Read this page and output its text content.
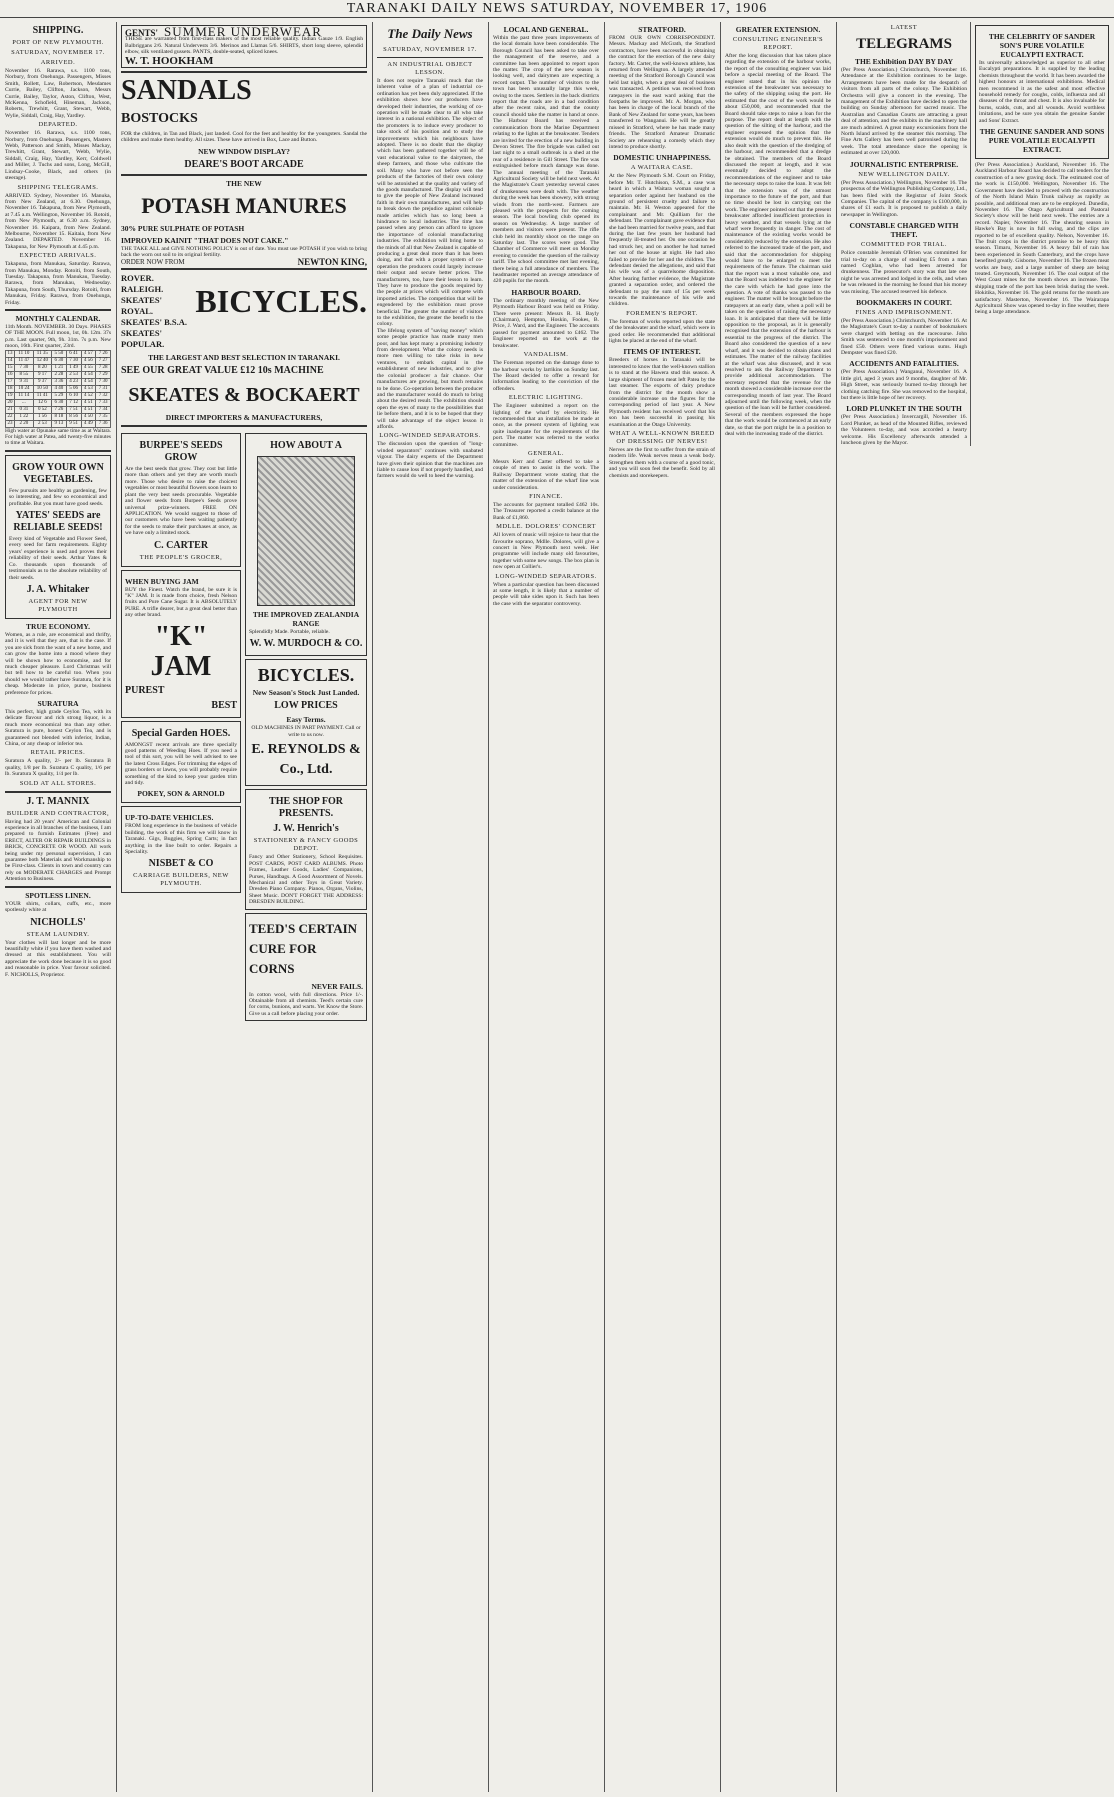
TARANAKI DAILY NEWS SATURDAY, NOVEMBER 17, 1906
SHIPPING.
PORT OF NEW PLYMOUTH.
SATURDAY, NOVEMBER 17.
ARRIVED.
November 16. Rarawa, s.s. 1100 tons, Norbury, from Onehunga. Passengers, Misses Smith, Rollett, Law, Robertson, Mesdames Currie, Bailey, Clifton, Jackson, Messrs Currie, Bailey, Taylor, Aston, Clifton, West, McKenna, Schofield, Hineman, Jackson, Roberts, Trewhitt, Grant, Stewart, Webb, Wylie, Siddall, Craig, Hay, Yardley.
DEPARTED.
November 16. Rarawa, s.s. 1100 tons, Norbury, from Onehunga. Passengers, Masters Webb, Patterson and Smith, Misses Mackay, Trewhitt, Grant, Stewart, Webb, Wylie, Siddall, Craig, Hay, Yardley, Kerr, Coldwell and Miller, J. Tuchs and sons, Long, McGill, Lindsay-Cooke, Black, and others (in steerage).
SHIPPING TELEGRAMS.
ARRIVED. Sydney, November 16. Manuka, from New Zealand, at 6.30. Onehunga, November 16. Takapuna, from New Plymouth, at 7.45 a.m. Wellington, November 16. Rotoiti, from New Plymouth, at 6.30 a.m. Sydney, November 16. Kaipara, from New Zealand. Melbourne, November 15. Kaitaia, from New Zealand. DEPARTED. November 16. Takapuna, for New Plymouth at 4.45 p.m.
EXPECTED ARRIVALS.
Takapuna, from Manukau, Saturday. Rarawa, from Manukau, Monday. Rotoiti, from South, Tuesday. Takapuna, from Manukau, Tuesday. Rarawa, from Manukau, Wednesday. Takapuna, from South, Thursday. Rotoiti, from Manukau, Friday. Rarawa, from Onehunga, Friday.
MONTHLY CALENDAR.
11th Month. NOVEMBER. 30 Days. PHASES OF THE MOON. Full moon, 1st, 0h. 12m. 37s p.m. Last quarter, 9th, 9h. 31m. 7s p.m. New moon, 16th. First quarter, 23rd.
13	11 10	11 35	5 50	6 41	4 57	7 26
14	11 47	12 40	6 30	7 30	4 56	7 27
15	7 30	8 20	1 21	1 49	4 55	7 28
16	8 55	9 17	2 28	2 53	4 54	7 29
17	9 31	9 37	3 36	4 23	4 54	7 30
18	10 24	10 50	4 40	5 06	4 53	7 31
19	11 14	11 41	5 29	6 10	4 52	7 32
20	...	12 6	6 30	7 12	4 51	7 33
21	0 31	0 52	7 26	7 51	4 51	7 34
22	1 22	1 56	8 18	8 56	4 50	7 35
23	2 20	2 53	9 13	9 51	4 49	7 36
High water at Opunake same time as at Waitara. For high water at Patea, add twenty-five minutes to time at Waitara.
GROW YOUR OWN VEGETABLES.
Few pursuits are healthy as gardening, few so interesting, and few so economical and profitable. But you must have good seeds.
YATES' SEEDS are RELIABLE SEEDS!
Every kind of Vegetable and Flower Seed, every seed for farm requirements. Eighty years' experience is used and proves their reliability of their seeds. Arthur Yates & Co. thousands upon thousands of testimonials as to the absolute reliability of their seeds.
J. A. Whitaker
AGENT FOR NEW PLYMOUTH
TRUE ECONOMY.
Women, as a rule, are economical and thrifty, and it is well that they are, that is the case. If you are sick from the want of a new home, and can grow the home into a mood where they will be shown how to economise, and for much cheaper pleasure. Lord Christmas will but tell how to be careful too. When you should we would rather have Suratura, for it is cheap. Moderate in price, purse, business preference for prices.
SURATURA
This perfect, high grade Ceylon Tea, with its delicate flavour and rich strong liquor, is a much more economical tea than any other. Suratura is pure, honest Ceylon Tea, and is guaranteed not blended with inferior, Indian, China, or any cheap or inferior tea.
RETAIL PRICES.
Suratura A quality, 2/- per lb. Suratura B quality, 1/8 per lb. Suratura C quality, 1/6 per lb. Suratura X quality, 1/4 per lb.
SOLD AT ALL STORES.
J. T. MANNIX
BUILDER AND CONTRACTOR,
Having had 20 years' American and Colonial experience in all branches of the business, I am prepared to furnish Estimates (Free) and ERECT, ALTER OR REPAIR BUILDINGS in BRICK, CONCRETE OR WOOD. All work being under my personal supervision, I can guarantee both Materials and Workmanship to be First-class. Clients in town and country can rely on MODERATE CHARGES and Prompt Attention to Business.
SPOTLESS LINEN.
YOUR shirts, collars, cuffs, etc., more spotlessly white at
NICHOLLS'
STEAM LAUNDRY.
Your clothes will last longer and be more beautifully white if you have them washed and dressed at this establishment. You will appreciate the work done because it is so good and reasonable in price. Your favour solicited. F. NICHOLLS, Proprietor.
GENTS' SUMMER UNDERWEAR
THESE are warranted from first-class makers of the most reliable quality. Indian Gauze 1/9. English Balbriggans 2/6. Natural Undervests 3/6. Merinos and Llamas 5/6. SHIRTS, short long sleeve, splendid elbow, silk ventilated gussets. PANTS, double-seated, spliced knees.
W. T. HOOKHAM
SANDALS
BOSTOCKS
FOR the children, in Tan and Black, just landed. Cool for the feet and healthy for the youngsters. Sandal the children and make them healthy. All sizes. These have arrived in Box, Lace and Button.
NEW WINDOW DISPLAY?
DEARE'S BOOT ARCADE
THE NEW
POTASH MANURES
30% PURE SULPHATE OF POTASH
IMPROVED KAINIT "THAT DOES NOT CAKE."
THE TAKE ALL and GIVE NOTHING POLICY is out of date. You must use POTASH if you wish to bring back the worn out soil to its original fertility.
ORDER NOW FROM	NEWTON KING,
ROVER.
RALEIGH.
SKEATES' ROYAL.
SKEATES' B.S.A.
SKEATES' POPULAR.
BICYCLES.
THE LARGEST AND BEST SELECTION IN TARANAKI.
SEE OUR GREAT VALUE £12 10s MACHINE
SKEATES & BOCKAERT
DIRECT IMPORTERS & MANUFACTURERS,
BURPEE'S SEEDS GROW
Are the best seeds that grow. They cost but little more than others and yet they are worth much more. Those who desire to raise the choicest vegetables or most beautiful flowers soon learn to plant the very best seeds procurable. Vegetable and flower seeds from Burpee's Seeds prove universal prize-winners. FREE ON APPLICATION. We would suggest to those of our customers who have been waiting patiently for the seeds to make their purchases at once, as we have only a limited stock.
C. CARTER
THE PEOPLE'S GROCER,
WHEN BUYING JAM
BUY the Finest. Watch the brand, be sure it is "K" JAM. It is made from choice, fresh Nelson fruits and Pure Cane Sugar. It is ABSOLUTELY PURE. A trifle dearer, but a great deal better than any other brand.
"K" JAM
PUREST
BEST
Special Garden HOES.
AMONGST recent arrivals are three specially good patterns of Weeding Hoes. If you need a tool of this sort, you will be well advised to see the latest Cross Edges. For trimming the edges of grass borders or lawns, you will probably require something of the kind to keep your garden trim and tidy.
POKEY, SON & ARNOLD
UP-TO-DATE VEHICLES.
FROM long experience in the business of vehicle building, the work of this firm we will know in Taranaki. Gigs, Buggies, Spring Carts; in fact anything in the line built to order. Repairs a Speciality.
NISBET & CO
CARRIAGE BUILDERS, NEW PLYMOUTH.
HOW ABOUT A
THE IMPROVED ZEALANDIA RANGE
Splendidly Made. Portable, reliable.
W. W. MURDOCH & CO.
BICYCLES.
New Season's Stock Just Landed.
LOW PRICES
Easy Terms.
OLD MACHINES IN PART PAYMENT. Call or write to us now.
E. REYNOLDS & Co., Ltd.
THE SHOP FOR PRESENTS.
J. W. Henrich's
STATIONERY & FANCY GOODS DEPOT.
Fancy and Other Stationery, School Requisites. POST CARDS, POST CARD ALBUMS. Photo Frames, Leather Goods, Ladies' Companions, Purses, Handbags. A Good Assortment of Novels. Mechanical and other Toys in Great Variety. Dresden Piano Company. Pianos, Organs, Violins, Sheet Music. DON'T FORGET THE ADDRESS: DRESDEN BUILDING.
TEED'S CERTAIN CURE FOR CORNS
NEVER FAILS.
In cotton wool, with full directions. Price 1/-. Obtainable from all chemists. Teed's certain cure for corns, bunions, and warts. Yet Know the Store. Give us a call before placing your order.
The Daily News
SATURDAY, NOVEMBER 17.
AN INDUSTRIAL OBJECT LESSON.
It does not require Taranaki much that the inherent value of a plan of industrial co-ordination has yet been duly appreciated. If the exhibition shows how our producers have developed their industries, the working of co-operation will be made clear to all who take interest in a national exhibition. The object of the promoters is to induce every producer to take stock of his position and to study the improvements which his neighbours have adopted. There is no doubt that the display which has been gathered together will be of vast educational value to the dairymen, the sheep farmers, and those who cultivate the soil. Many who have not before seen the products of the factories of their own colony will be astonished at the quality and variety of the goods manufactured. The display will tend to give the people of New Zealand increased faith in their own manufactures, and will help to break down the prejudice against colonial-made articles which has so long been a hindrance to local industries. The time has passed when any person can afford to ignore the importance of colonial manufacturing industries. The exhibition will bring home to the minds of all that New Zealand is capable of producing a great deal more than it has been doing, and that with a proper system of co-operation the producers could largely increase their output and secure better prices. The manufacturers, too, have their lesson to learn. They have to produce the goods required by the people at prices which will compete with imported articles. The competition that will be engendered by the exhibition must prove beneficial. The greater the number of visitors to the exhibition, the greater the benefit to the colony.
The lifelong system of "saving money" which some people practice has made many men poor, and has kept many a promising industry from development. What the colony needs is more men willing to take risks in new ventures, to embark capital in the establishment of new industries, and to give the colonial producer a fair chance. Our manufactures are growing, but much remains to be done. Co-operation between the producer and the manufacturer would do much to bring about the desired result. The exhibition should open the eyes of many to the possibilities that lie before them, and it is to be hoped that they will take advantage of the object lesson it affords.
LONG-WINDED SEPARATORS.
The discussion upon the question of "long-winded separators" continues with unabated vigour. The dairy experts of the Department have given their opinion that the machines are liable to cause loss if not properly handled, and farmers would do well to heed the warning.
LOCAL AND GENERAL.
Within the past three years improvements of the local domain have been considerable. The Borough Council has been asked to take over the management of the reserve, and a committee has been appointed to report upon the matter. The crop of the new season is looking well, and dairymen are expecting a record output. The number of visitors to the town has been unusually large this week, owing to the races. Settlers in the back districts report that the roads are in a bad condition after the recent rains, and that the county council should take the matter in hand at once. The Harbour Board has received a communication from the Marine Department relating to the lights at the breakwater. Tenders are invited for the erection of a new building in Devon Street. The fire brigade was called out last night to a small outbreak in a shed at the rear of a residence in Gill Street. The fire was extinguished before much damage was done. The annual meeting of the Taranaki Agricultural Society will be held next week. At the Magistrate's Court yesterday several cases of drunkenness were dealt with. The weather during the week has been showery, with strong winds from the north-west. Farmers are pleased with the prospects for the coming season. The local bowling club opened its season on Wednesday. A large number of members and visitors were present. The rifle club held its monthly shoot on the range on Saturday last. The scores were good. The Chamber of Commerce will meet on Monday evening to consider the question of the railway tariff. The school committee met last evening, there being a full attendance of members. The headmaster reported an average attendance of 420 pupils for the month.
HARBOUR BOARD.
The ordinary monthly meeting of the New Plymouth Harbour Board was held on Friday. There were present: Messrs R. H. Bayly (Chairman), Hempton, Hoskin, Fookes, B. Price, J. Ward, and the Engineer. The accounts passed for payment amounted to £462. The Engineer reported on the work at the breakwater.
VANDALISM.
The Foreman reported on the damage done to the harbour works by larrikins on Sunday last. The Board decided to offer a reward for information leading to the conviction of the offenders.
ELECTRIC LIGHTING.
The Engineer submitted a report on the lighting of the wharf by electricity. He recommended that an installation be made at once, as the present system of lighting was quite inadequate for the requirements of the port. The matter was referred to the works committee.
GENERAL.
Messrs Kerr and Carter offered to take a couple of men to assist in the work. The Railway Department wrote stating that the matter of the extension of the wharf line was under consideration.
FINANCE.
The accounts for payment totalled £462 10s. The Treasurer reported a credit balance at the Bank of £1,860.
MDLLE. DOLORES' CONCERT
All lovers of music will rejoice to hear that the favourite soprano, Mdlle. Dolores, will give a concert in New Plymouth next week. Her programme will include many old favourites, together with some new songs. The box plan is now open at Collier's.
LONG-WINDED SEPARATORS.
When a particular question has been discussed at some length, it is likely that a number of people will take sides upon it. Such has been the case with the separator controversy.
STRATFORD.
FROM OUR OWN CORRESPONDENT. Messrs. Mackay and McGrath, the Stratford contractors, have been successful in obtaining the contract for the erection of the new dairy factory. Mr. Carter, the well-known athlete, has returned from Wellington. A largely attended meeting of the Stratford Borough Council was held last night, when a great deal of business was transacted. A petition was received from ratepayers in the east ward asking that the footpaths be improved. Mr. A. Morgan, who has been in charge of the local branch of the Bank of New Zealand for some years, has been transferred to Wanganui. He will be greatly missed in Stratford, where he has made many friends. The Stratford Amateur Dramatic Society are rehearsing a comedy which they intend to produce shortly.
DOMESTIC UNHAPPINESS.
A WAITARA CASE.
At the New Plymouth S.M. Court on Friday, before Mr. T. Hutchison, S.M., a case was heard in which a Waitara woman sought a separation order against her husband on the ground of persistent cruelty and failure to maintain. Mr. H. Weston appeared for the complainant and Mr. Quilliam for the defendant. The complainant gave evidence that she had been married for twelve years, and that during the last few years her husband had frequently ill-treated her. On one occasion he had struck her, and on another he had turned her out of the house at night. He had also failed to provide for her and the children. The defendant denied the allegations, and said that his wife was of a quarrelsome disposition. After hearing further evidence, the Magistrate granted a separation order, and ordered the defendant to pay the sum of 15s per week towards the maintenance of his wife and children.
FOREMEN'S REPORT.
The foreman of works reported upon the state of the breakwater and the wharf, which were in good order. He recommended that additional lights be placed at the end of the wharf.
ITEMS OF INTEREST.
Breeders of horses in Taranaki will be interested to know that the well-known stallion is to stand at the Hawera stud this season. A large shipment of frozen meat left Patea by the last steamer. The exports of dairy produce from the district for the month show a considerable increase on the figures for the corresponding period of last year. A New Plymouth resident has received word that his son has been successful in passing his examination at the Otago University.
WHAT A WELL-KNOWN BREED OF DRESSING OF NERVES!
Nerves are the first to suffer from the strain of modern life. Weak nerves mean a weak body. Strengthen them with a course of a good tonic, and you will soon feel the benefit. Sold by all chemists and storekeepers.
GREATER EXTENSION.
CONSULTING ENGINEER'S REPORT.
After the long discussion that has taken place regarding the extension of the harbour works, the report of the consulting engineer was laid before a special meeting of the Board. The engineer stated that in his opinion the extension of the breakwater was necessary to the safety of the shipping using the port. He estimated that the cost of the work would be about £50,000, and recommended that the Board should take steps to raise a loan for the purpose. The report dealt at length with the question of the silting of the harbour, and the engineer expressed the opinion that the extension would do much to prevent this. He also dealt with the question of the dredging of the harbour, and recommended that a dredge be obtained. The members of the Board discussed the report at length, and it was eventually decided to adopt the recommendations of the engineer and to take the necessary steps to raise the loan. It was felt that the extension was of the utmost importance to the future of the port, and that no time should be lost in carrying out the work. The engineer pointed out that the present breakwater afforded insufficient protection in heavy weather, and that vessels lying at the wharf were frequently in danger. The cost of maintenance of the existing works would be considerably reduced by the extension. He also referred to the increased trade of the port, and said that the accommodation for shipping would have to be enlarged to meet the requirements of the future. The chairman said that the report was a most valuable one, and that the Board was indebted to the engineer for the care with which he had gone into the question. A vote of thanks was passed to the engineer. The matter will be brought before the ratepayers at an early date, when a poll will be taken on the question of raising the necessary loan. It is anticipated that there will be little opposition to the proposal, as it is generally recognised that the extension of the harbour is essential to the progress of the district. The Board also considered the question of a new wharf, and it was decided to obtain plans and estimates. The matter of the railway facilities at the wharf was also discussed, and it was resolved to ask the Railway Department to provide additional accommodation. The secretary reported that the revenue for the month showed a considerable increase over the corresponding month of last year. The Board adjourned until the following week, when the question of the loan will be further considered. Several of the members expressed the hope that the work would be commenced at an early date, so that the port might be in a position to deal with the increasing trade of the district.
LATEST
TELEGRAMS
THE Exhibition DAY BY DAY
(Per Press Association.) Christchurch, November 16. Attendance at the Exhibition continues to be large. Arrangements have been made for the despatch of visitors from all parts of the colony. The Exhibition Orchestra will give a concert in the evening. The management of the Exhibition have decided to open the building on Sunday afternoon for sacred music. The Australian and Canadian Courts are attracting a great deal of attention, and the exhibits in the machinery hall are much admired. A great many excursionists from the North Island arrived by the steamer this morning. The Fine Arts Gallery has been well patronised during the week. The total attendance since the opening is estimated at over 120,000.
JOURNALISTIC ENTERPRISE.
NEW WELLINGTON DAILY.
(Per Press Association.) Wellington, November 16. The prospectus of the Wellington Publishing Company, Ltd., has been filed with the Registrar of Joint Stock Companies. The capital of the company is £100,000, in shares of £1 each. It is proposed to publish a daily newspaper in Wellington.
CONSTABLE CHARGED WITH THEFT.
COMMITTED FOR TRIAL.
Police constable Jeremiah O'Brien was committed for trial to-day on a charge of stealing £5 from a man named Coghlan, who had been arrested for drunkenness. The prosecutor's story was that late one night he was arrested and lodged in the cells, and when he was released in the morning he found that his money was missing. The accused reserved his defence.
BOOKMAKERS IN COURT.
FINES AND IMPRISONMENT.
(Per Press Association.) Christchurch, November 16. At the Magistrate's Court to-day a number of bookmakers were charged with betting on the racecourse. John Smith was sentenced to one month's imprisonment and fined £50. Others were fined various sums. Hugh Dempster was fined £20.
ACCIDENTS AND FATALITIES.
(Per Press Association.) Wanganui, November 16. A little girl, aged 3 years and 9 months, daughter of Mr. High Street, was seriously burned to-day through her clothing catching fire. She was removed to the hospital, but there is little hope of her recovery.
LORD PLUNKET IN THE SOUTH
(Per Press Association.) Invercargill, November 16. Lord Plunket, as head of the Mounted Rifles, reviewed the Volunteers to-day, and was accorded a hearty welcome. His Excellency afterwards attended a luncheon given by the Mayor.
THE CELEBRITY OF SANDER SON'S PURE VOLATILE EUCALYPTI EXTRACT.
Its universally acknowledged as superior to all other Eucalypti preparations. It is supplied by the leading chemists throughout the world. It has been awarded the highest honours at international exhibitions. Medical men recommend it as the safest and most effective household remedy for coughs, colds, influenza and all diseases of the throat and chest. It is also invaluable for burns, scalds, cuts, and all wounds. Avoid worthless imitations, and be sure you obtain the genuine Sander and Sons' Extract.
THE GENUINE SANDER AND SONS PURE VOLATILE EUCALYPTI EXTRACT.
(Per Press Association.) Auckland, November 16. The Auckland Harbour Board has decided to call tenders for the construction of a new graving dock. The estimated cost of the work is £150,000. Wellington, November 16. The Government have decided to proceed with the construction of the North Island Main Trunk railway as rapidly as possible, and additional men are to be employed. Dunedin, November 16. The Otago Agricultural and Pastoral Society's show will be held next week. The entries are a record. Napier, November 16. The shearing season in Hawke's Bay is now in full swing, and the clips are reported to be of excellent quality. Nelson, November 16. The fruit crops in the district promise to be heavy this season. Timaru, November 16. A heavy fall of rain has been experienced in South Canterbury, and the crops have benefited greatly. Gisborne, November 16. The frozen meat works are busy, and a large number of sheep are being treated. Greymouth, November 16. The coal output of the West Coast mines for the month shows an increase. The shipping trade of the port has been brisk during the week. Hokitika, November 16. The gold returns for the month are satisfactory. Masterton, November 16. The Wairarapa Agricultural Show was opened to-day in fine weather, there being a large attendance.
